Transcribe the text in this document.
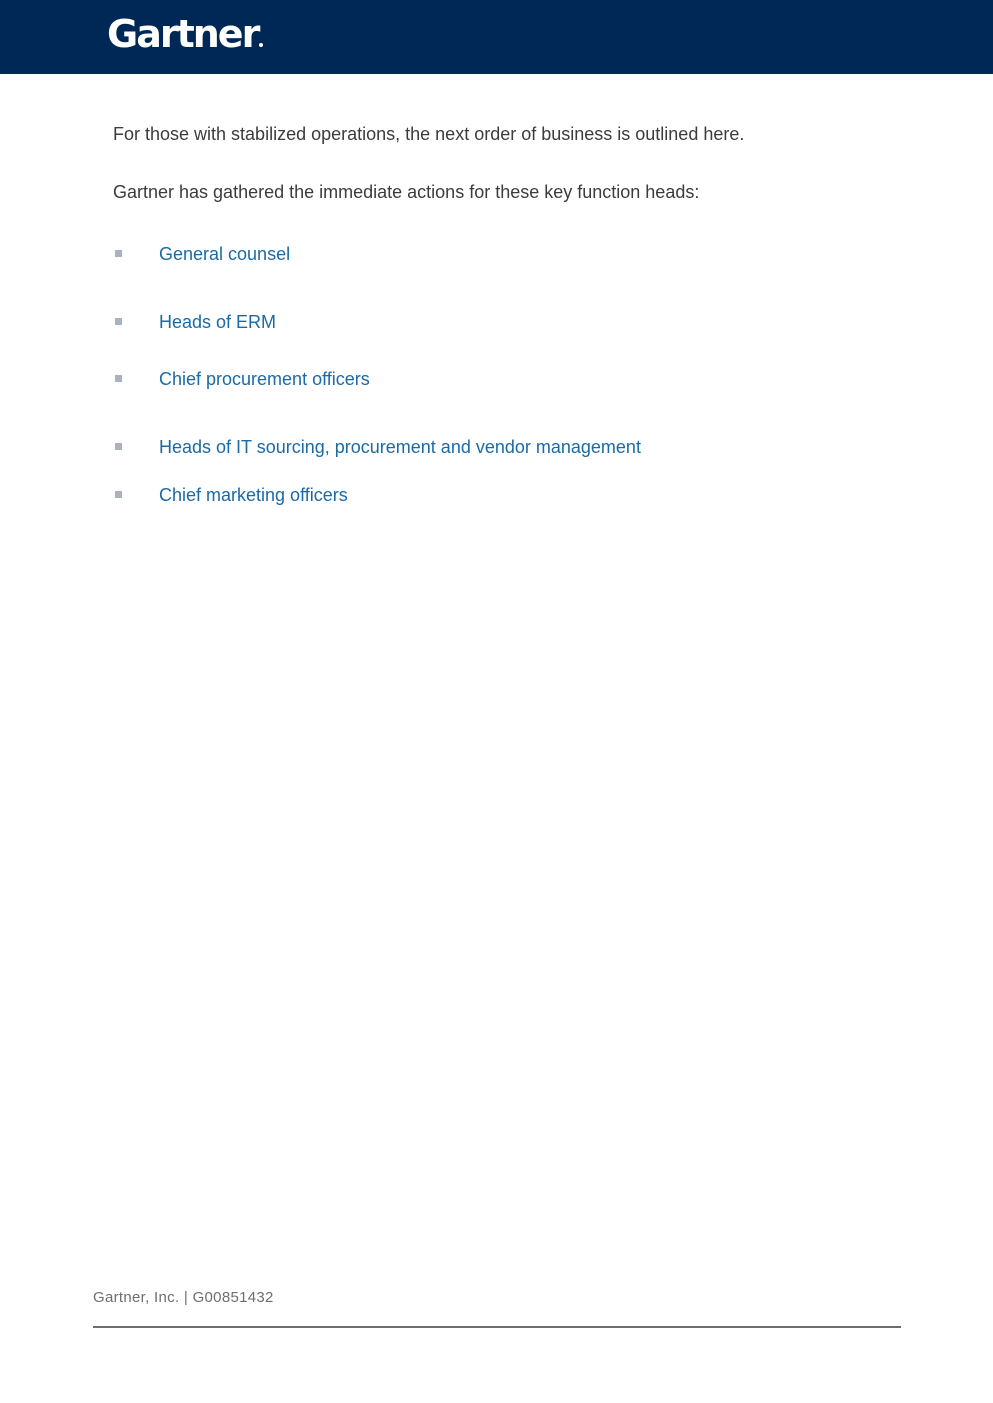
Gartner

For those with stabilized operations, the next order of business is outlined here.

Gartner has gathered the immediate actions for these key function heads:

General counsel
Heads of ERM
Chief procurement officers
Heads of IT sourcing, procurement and vendor management
Chief marketing officers
Gartner, Inc. | G00851432
